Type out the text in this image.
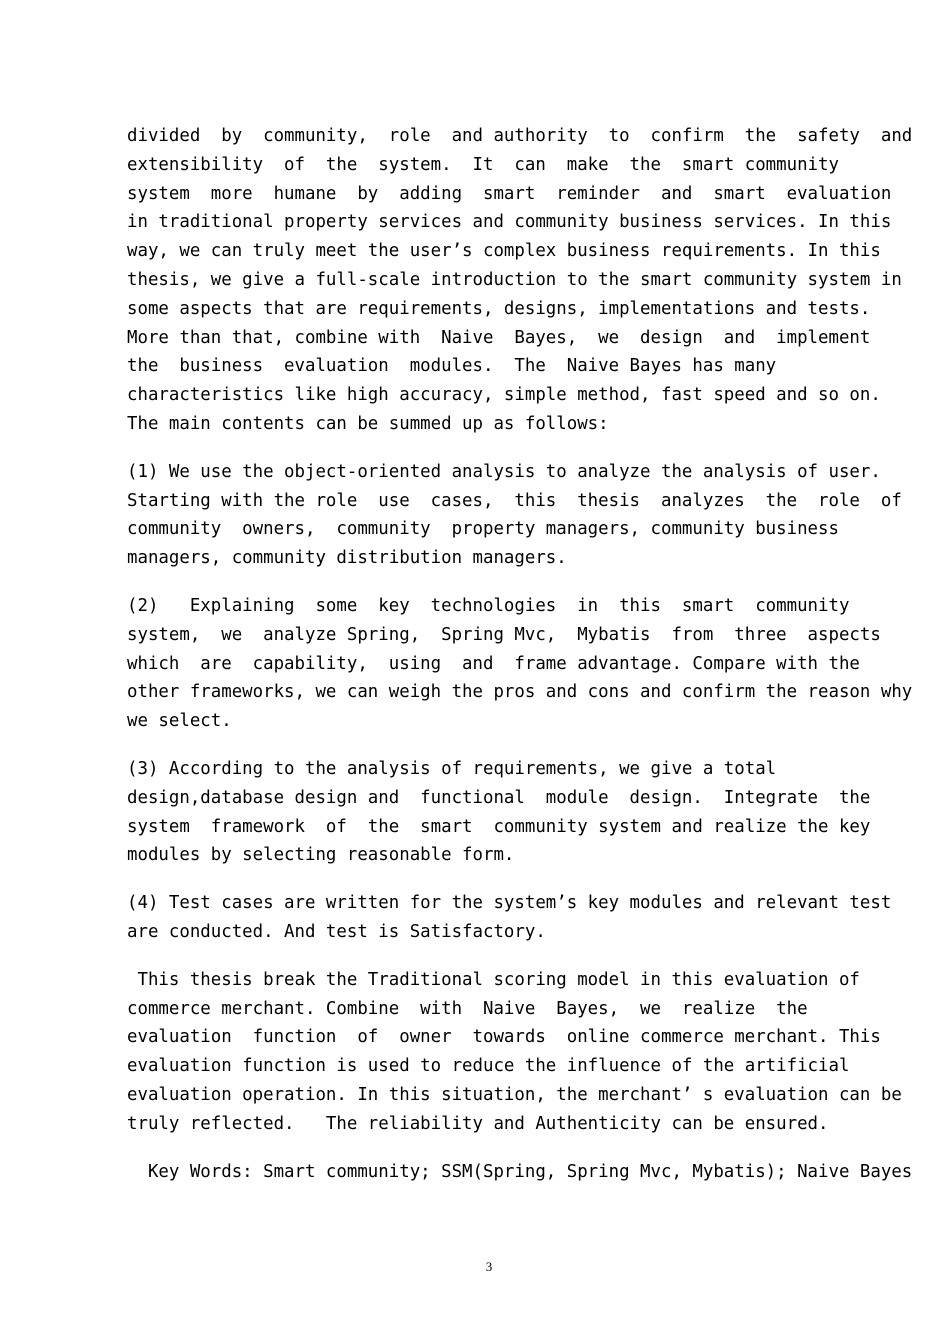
divided  by  community,  role  and authority  to  confirm  the  safety  and
extensibility  of  the  system.  It  can  make  the  smart community
system  more  humane  by  adding  smart  reminder  and  smart  evaluation
in traditional property services and community business services. In this
way, we can truly meet the user’s complex business requirements. In this
thesis, we give a full-scale introduction to the smart community system in
some aspects that are requirements, designs, implementations and tests.
More than that, combine with  Naive  Bayes,  we  design  and  implement
the  business  evaluation  modules.  The  Naive Bayes has many
characteristics like high accuracy, simple method, fast speed and so on.
The main contents can be summed up as follows:
(1) We use the object-oriented analysis to analyze the analysis of user.
Starting with the role  use  cases,  this  thesis  analyzes  the  role  of
community  owners,  community  property managers, community business
managers, community distribution managers.
(2)   Explaining  some  key  technologies  in  this  smart  community
system,  we  analyze Spring,  Spring Mvc,  Mybatis  from  three  aspects
which  are  capability,  using  and  frame advantage. Compare with the
other frameworks, we can weigh the pros and cons and confirm the reason why
we select.
(3) According to the analysis of requirements, we give a total
design,database design and  functional  module  design.  Integrate  the
system  framework  of  the  smart  community system and realize the key
modules by selecting reasonable form.
(4) Test cases are written for the system’s key modules and relevant test
are conducted. And test is Satisfactory.
This thesis break the Traditional scoring model in this evaluation of
commerce merchant. Combine  with  Naive  Bayes,  we  realize  the
evaluation  function  of  owner  towards  online commerce merchant. This
evaluation function is used to reduce the influence of the artificial
evaluation operation. In this situation, the merchant’ s evaluation can be
truly reflected.   The reliability and Authenticity can be ensured.
Key Words: Smart community; SSM(Spring, Spring Mvc, Mybatis); Naive Bayes
3
